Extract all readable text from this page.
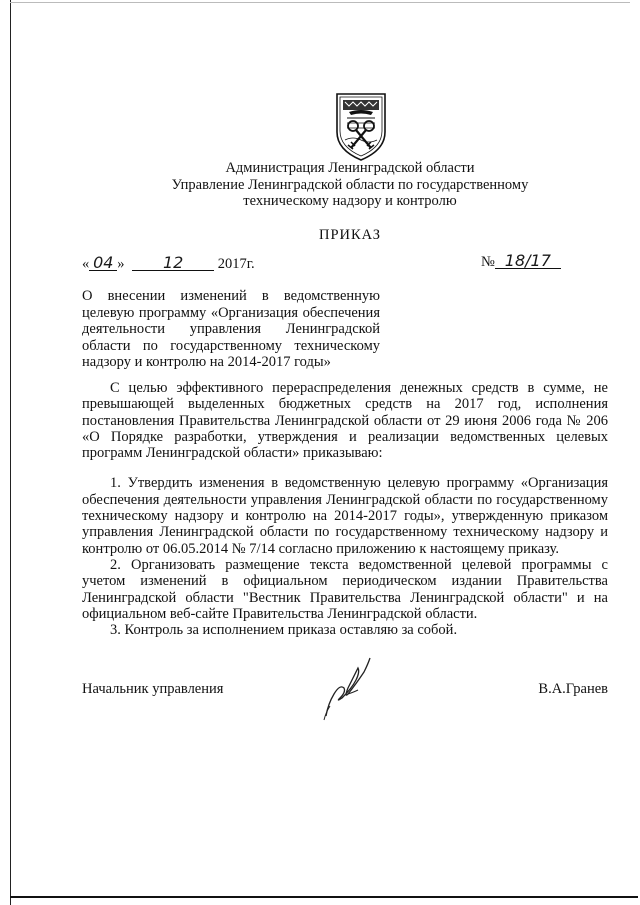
Администрация Ленинградской области
Управление Ленинградской области по государственному
техническому надзору и контролю
ПРИКАЗ
« 04 » 12 2017г.	№ 18/17
О внесении изменений в ведомственную целевую программу «Организация обеспечения деятельности управления Ленинградской области по государственному техническому надзору и контролю на 2014-2017 годы»

С целью эффективного перераспределения денежных средств в сумме, не превышающей выделенных бюджетных средств на 2017 год, исполнения постановления Правительства Ленинградской области от 29 июня 2006 года № 206 «О Порядке разработки, утверждения и реализации ведомственных целевых программ Ленинградской области» приказываю:

1. Утвердить изменения в ведомственную целевую программу «Организация обеспечения деятельности управления Ленинградской области по государственному техническому надзору и контролю на 2014-2017 годы», утвержденную приказом управления Ленинградской области по государственному техническому надзору и контролю от 06.05.2014 № 7/14 согласно приложению к настоящему приказу.

2. Организовать размещение текста ведомственной целевой программы с учетом изменений в официальном периодическом издании Правительства Ленинградской области "Вестник Правительства Ленинградской области" и на официальном веб-сайте Правительства Ленинградской области.

3. Контроль за исполнением приказа оставляю за собой.

Начальник управления	В.А.Гранев
